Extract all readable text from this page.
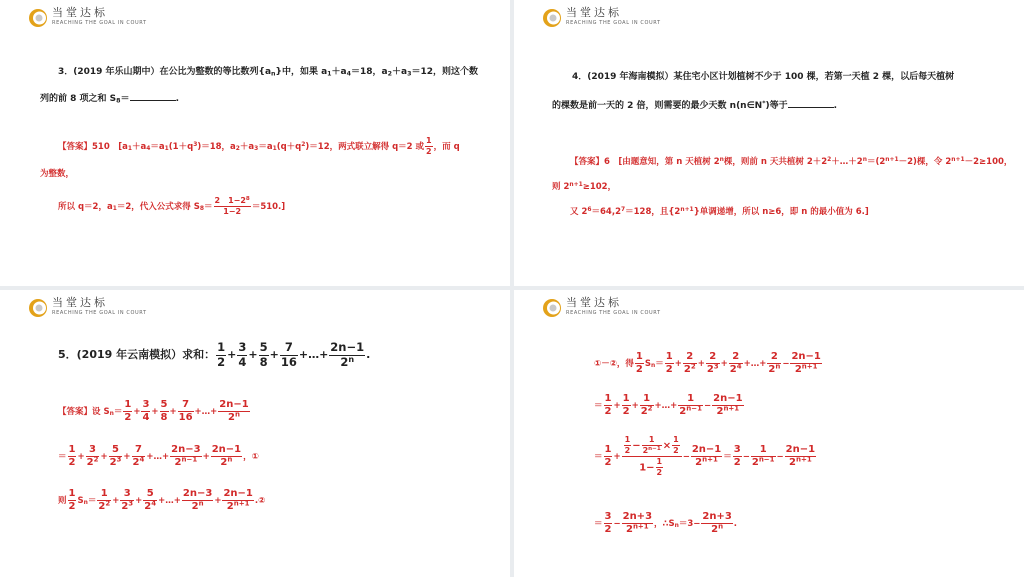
当堂达标
REACHING THE GOAL IN COURT
3．(2019 年乐山期中）在公比为整数的等比数列$\{a_n\}$中，如果 $a_1+a_4=18$，$a_2+a_3=12$，则这个数
列的前 8 项之和 $S_8=$	.
【答案】510　[$a_1+a_4=a_1(1+q^3)=18$，$a_2+a_3=a_1(q+q^2)=12$，两式联立解得 q＝2 或 $\frac{1}{2}$ ，而 q
为整数，
所以 q＝2，$a_1=2$，代入公式求得 $S_8= \frac{2 1-2^8}{1-2} =510$.]
当堂达标
REACHING THE GOAL IN COURT
4．(2019 年海南模拟）某住宅小区计划植树不少于 100 棵，若第一天植 2 棵，以后每天植树
的棵数是前一天的 2 倍，则需要的最少天数 n(n∈N*)等于	.
【答案】6　[由题意知，第 n 天植树 2$^n$棵，则前 n 天共植树 $2+2^2+\dots+2^n=(2^{n+1}-2)$棵，令 $2^{n+1}-2\ge 100$，
则 $2^{n+1}\ge 102$，
又 $2^6=64,2^7=128$，且$\{2^{n+1}\}$单调递增，所以 n≥6，即 n 的最小值为 6.]
当堂达标
REACHING THE GOAL IN COURT
5．(2019 年云南模拟）求和： $\frac{1}{2} + \frac{3}{4} + \frac{5}{8} + \frac{7}{16}$ +…+ $\frac{2n-1}{2^n}$ .
【答案】设 $S_n= \frac{1}{2} + \frac{3}{4} + \frac{5}{8} + \frac{7}{16}$ +…+ $\frac{2n-1}{2^n}$
＝ $\frac{1}{2} + \frac{3}{2^2} + \frac{5}{2^3} + \frac{7}{2^4}$ +…+ $\frac{2n-3}{2^{n-1}} + \frac{2n-1}{2^n}$ ，①
则 $\frac{1}{2} S_n= \frac{1}{2^2} + \frac{3}{2^3} + \frac{5}{2^4}$ +…+ $\frac{2n-3}{2^n} + \frac{2n-1}{2^{n+1}}$ .②
当堂达标
REACHING THE GOAL IN COURT
①－②，得 $\frac{1}{2} S_n= \frac{1}{2} + \frac{2}{2^2} + \frac{2}{2^3} + \frac{2}{2^4}$ +…+ $\frac{2}{2^n} - \frac{2n-1}{2^{n+1}}$
＝ $\frac{1}{2} + \frac{1}{2} + \frac{1}{2^2}$ +…+ $\frac{1}{2^{n-1}} - \frac{2n-1}{2^{n+1}}$
＝ $\frac{1}{2} + \frac{\frac{1}{2} - \frac{1}{2^{n-1}} \times \frac{1}{2}}{1- \frac{1}{2}} - \frac{2n-1}{2^{n+1}} = \frac{3}{2} - \frac{1}{2^{n-1}} - \frac{2n-1}{2^{n+1}}$
＝ $\frac{3}{2} - \frac{2n+3}{2^{n+1}}$ ，$\therefore S_n=3- \frac{2n+3}{2^n}$ .
